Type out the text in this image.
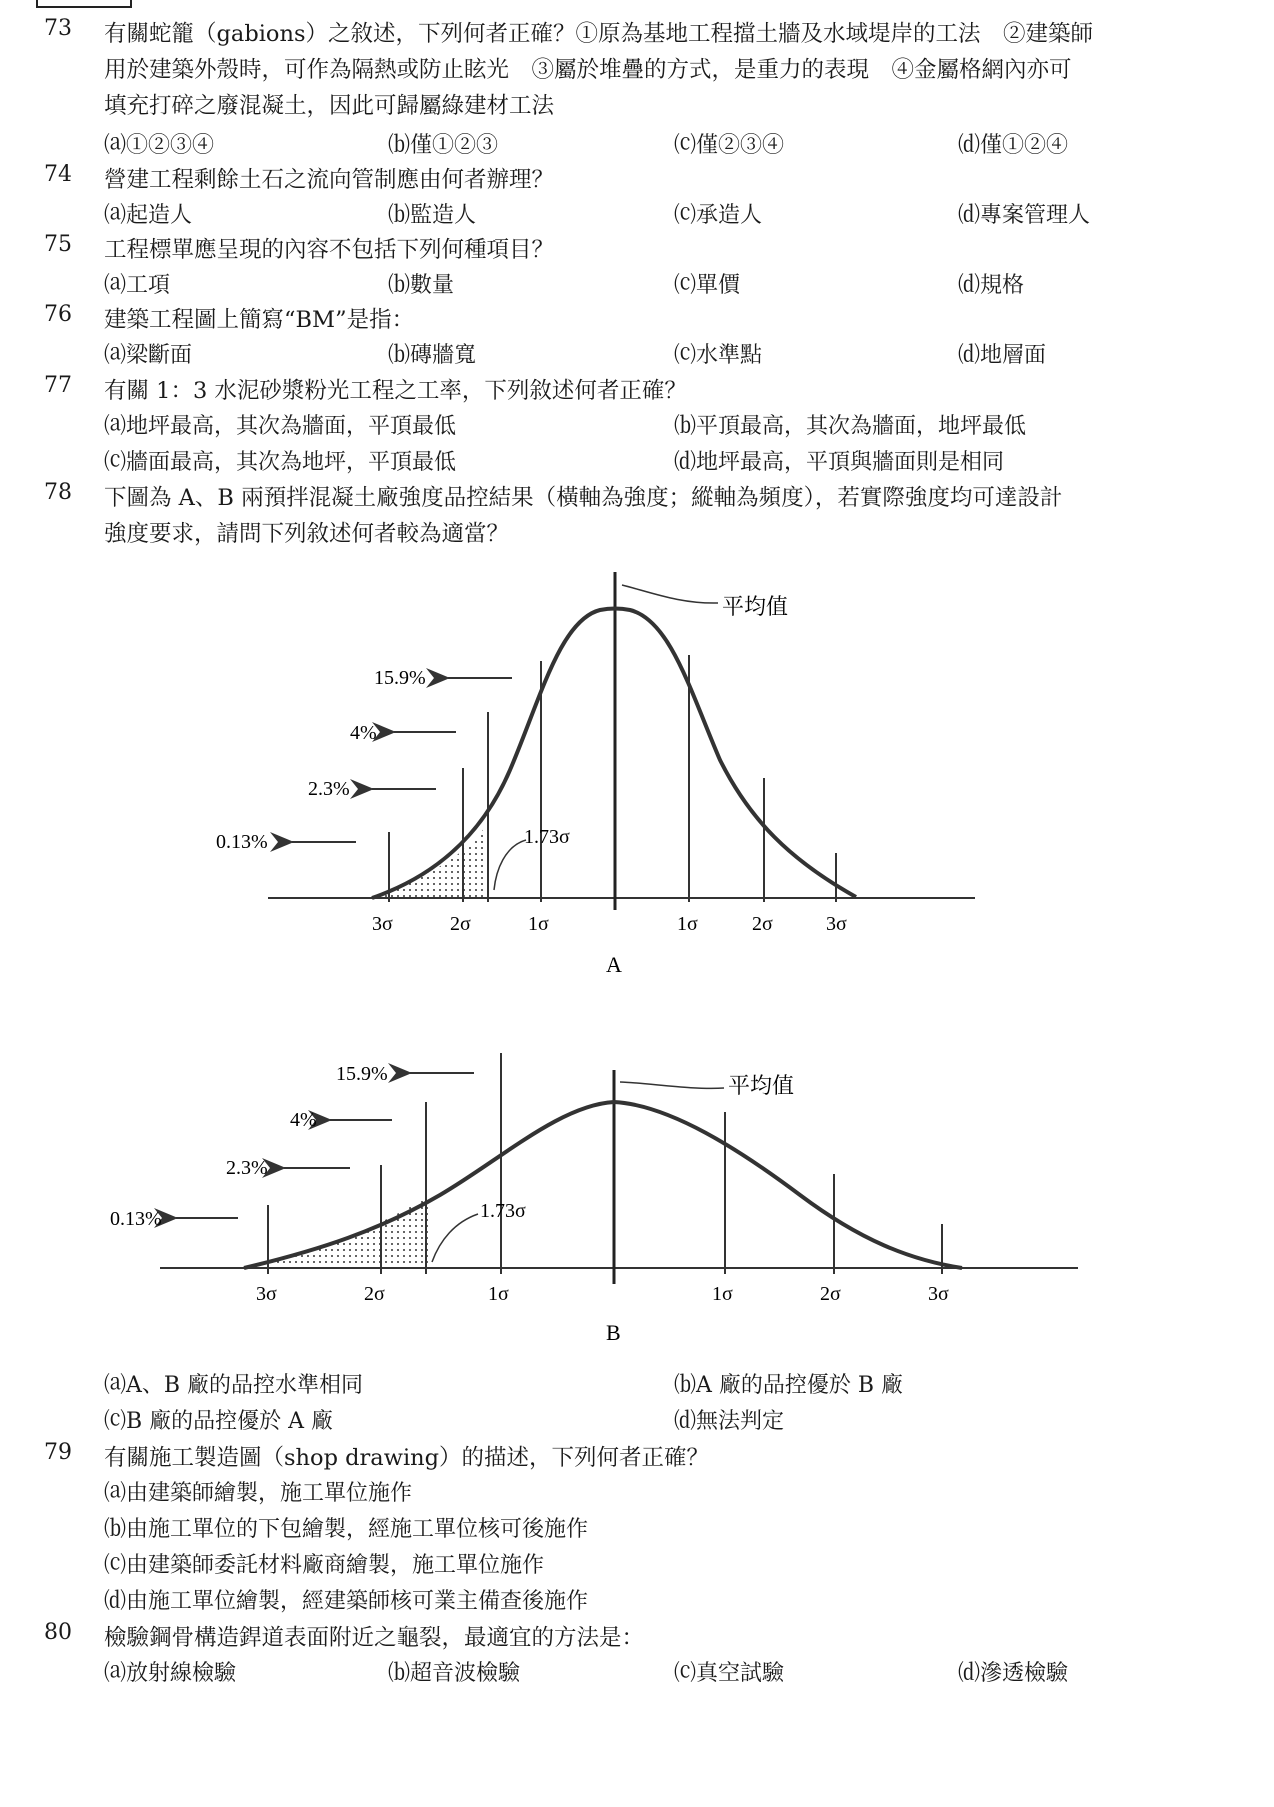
73 有關蛇籠（gabions）之敘述，下列何者正確？①原為基地工程擋土牆及水域堤岸的工法　②建築師
用於建築外殼時，可作為隔熱或防止眩光　③屬於堆疊的方式，是重力的表現　④金屬格網內亦可
填充打碎之廢混凝土，因此可歸屬綠建材工法
⒜①②③④	⒝僅①②③	⒞僅②③④	⒟僅①②④
74 營建工程剩餘土石之流向管制應由何者辦理？
⒜起造人	⒝監造人	⒞承造人	⒟專案管理人
75 工程標單應呈現的內容不包括下列何種項目？
⒜工項	⒝數量	⒞單價	⒟規格
76 建築工程圖上簡寫“BM”是指：
⒜梁斷面	⒝磚牆寬	⒞水準點	⒟地層面
77 有關 1：3 水泥砂漿粉光工程之工率，下列敘述何者正確？
⒜地坪最高，其次為牆面，平頂最低	⒝平頂最高，其次為牆面，地坪最低
⒞牆面最高，其次為地坪，平頂最低	⒟地坪最高，平頂與牆面則是相同
78 下圖為 A、B 兩預拌混凝土廠強度品控結果（橫軸為強度；縱軸為頻度），若實際強度均可達設計
強度要求，請問下列敘述何者較為適當？
平均值
15.9%
4%
2.3%
0.13%	1.73σ
3σ	2σ	1σ	1σ	2σ	3σ
A
平均值
15.9%
4%
2.3%
0.13%	1.73σ
3σ	2σ	1σ	1σ	2σ	3σ
B
⒜A、B 廠的品控水準相同	⒝A 廠的品控優於 B 廠
⒞B 廠的品控優於 A 廠	⒟無法判定
79 有關施工製造圖（shop drawing）的描述，下列何者正確？
⒜由建築師繪製，施工單位施作
⒝由施工單位的下包繪製，經施工單位核可後施作
⒞由建築師委託材料廠商繪製，施工單位施作
⒟由施工單位繪製，經建築師核可業主備查後施作
80 檢驗鋼骨構造銲道表面附近之龜裂，最適宜的方法是：
⒜放射線檢驗	⒝超音波檢驗	⒞真空試驗	⒟滲透檢驗
